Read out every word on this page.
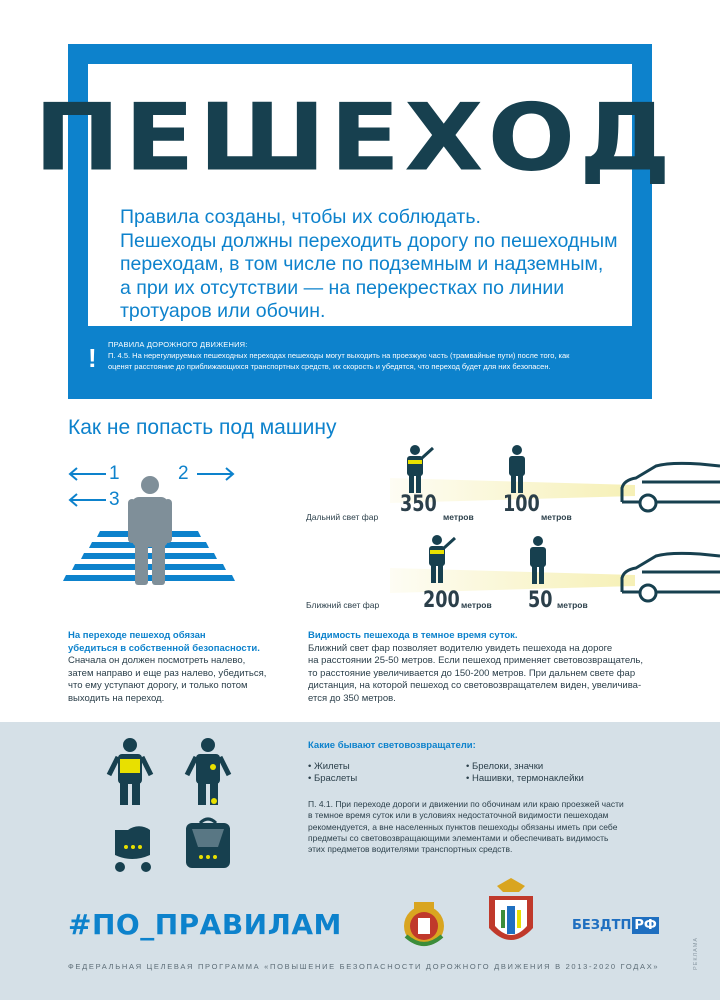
ПЕШЕХОД
Правила созданы, чтобы их соблюдать.
Пешеходы должны переходить дорогу по пешеходным
переходам, в том числе по подземным и надземным,
а при их отсутствии — на перекрестках по линии
тротуаров или обочин.
! ПРАВИЛА ДОРОЖНОГО ДВИЖЕНИЯ:
П. 4.5. На нерегулируемых пешеходных переходах пешеходы могут выходить на проезжую часть (трамвайные пути) после того, как оценят расстояние до приближающихся транспортных средств, их скорость и убедятся, что переход будет для них безопасен.
Как не попасть под машину
1	2
3
Дальний свет фар 350 метров 100 метров
Ближний свет фар 200 метров 50 метров
На переходе пешеход обязан
убедиться в собственной безопасности.
Сначала он должен посмотреть налево,
затем направо и еще раз налево, убедиться,
что ему уступают дорогу, и только потом
выходить на переход.
Видимость пешехода в темное время суток.
Ближний свет фар позволяет водителю увидеть пешехода на дороге
на расстоянии 25-50 метров. Если пешеход применяет световозвращатель,
то расстояние увеличивается до 150-200 метров. При дальнем свете фар
дистанция, на которой пешеход со световозвращателем виден, увеличива-
ется до 350 метров.
Какие бывают световозвращатели:
• Жилеты
• Браслеты
• Брелоки, значки
• Нашивки, термонаклейки
П. 4.1. При переходе дороги и движении по обочинам или краю проезжей части
в темное время суток или в условиях недостаточной видимости пешеходам
рекомендуется, а вне населенных пунктов пешеходы обязаны иметь при себе
предметы со световозвращающими элементами и обеспечивать видимость
этих предметов водителями транспортных средств.
#ПО_ПРАВИЛАМ	БЕЗДТП РФ
ФЕДЕРАЛЬНАЯ ЦЕЛЕВАЯ ПРОГРАММА «ПОВЫШЕНИЕ БЕЗОПАСНОСТИ ДОРОЖНОГО ДВИЖЕНИЯ В 2013-2020 ГОДАХ»	РЕКЛАМА
